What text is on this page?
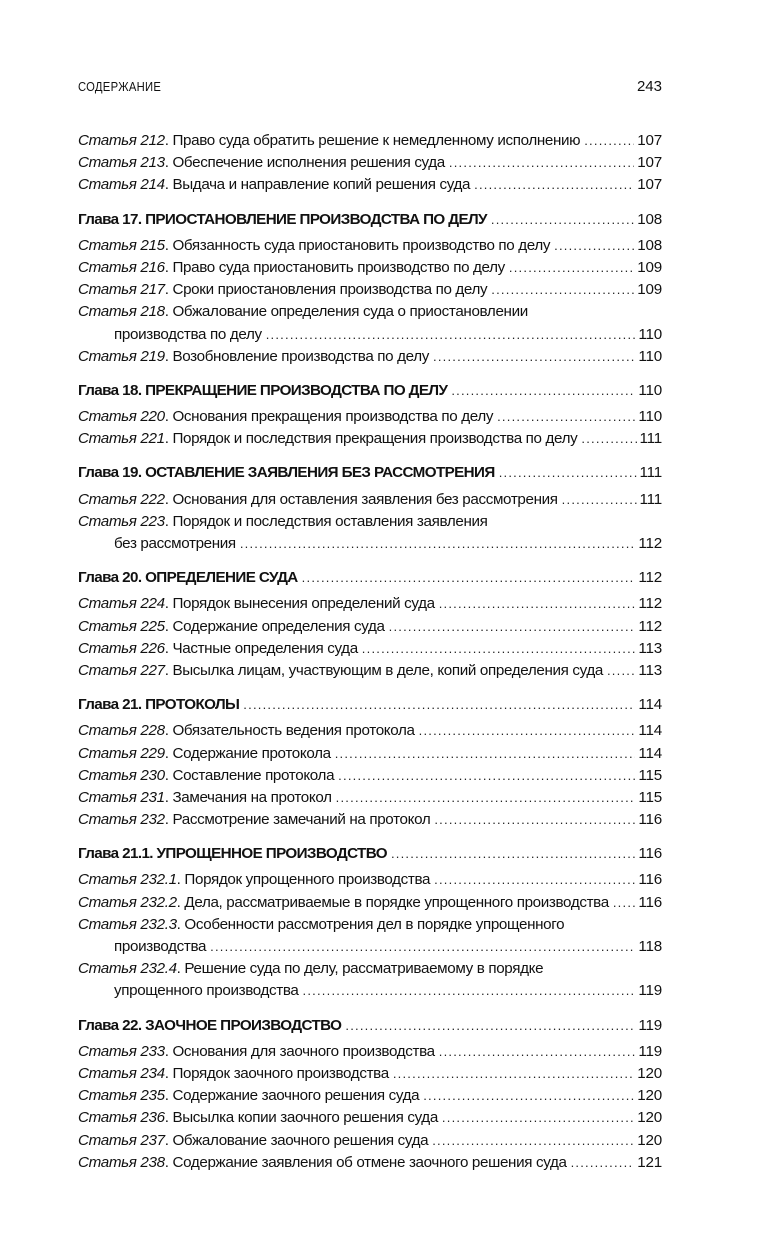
СОДЕРЖАНИЕ	243
Статья 212. Право суда обратить решение к немедленному исполнению . . .	107
Статья 213. Обеспечение исполнения решения суда . . .	107
Статья 214. Выдача и направление копий решения суда . . .	107
Глава 17. ПРИОСТАНОВЛЕНИЕ ПРОИЗВОДСТВА ПО ДЕЛУ . . .	108
Статья 215. Обязанность суда приостановить производство по делу . . .	108
Статья 216. Право суда приостановить производство по делу . . .	109
Статья 217. Сроки приостановления производства по делу . . .	109
Статья 218. Обжалование определения суда о приостановлении
производства по делу . . .	110
Статья 219. Возобновление производства по делу . . .	110
Глава 18. ПРЕКРАЩЕНИЕ ПРОИЗВОДСТВА ПО ДЕЛУ . . .	110
Статья 220. Основания прекращения производства по делу . . .	110
Статья 221. Порядок и последствия прекращения производства по делу . . .	111
Глава 19. ОСТАВЛЕНИЕ ЗАЯВЛЕНИЯ БЕЗ РАССМОТРЕНИЯ . . .	111
Статья 222. Основания для оставления заявления без рассмотрения . . .	111
Статья 223. Порядок и последствия оставления заявления
без рассмотрения . . .	112
Глава 20. ОПРЕДЕЛЕНИЕ СУДА . . .	112
Статья 224. Порядок вынесения определений суда . . .	112
Статья 225. Содержание определения суда . . .	112
Статья 226. Частные определения суда . . .	113
Статья 227. Высылка лицам, участвующим в деле, копий определения суда . . . 113
Глава 21. ПРОТОКОЛЫ . . .	114
Статья 228. Обязательность ведения протокола . . .	114
Статья 229. Содержание протокола . . .	114
Статья 230. Составление протокола . . .	115
Статья 231. Замечания на протокол . . .	115
Статья 232. Рассмотрение замечаний на протокол . . .	116
Глава 21.1. УПРОЩЕННОЕ ПРОИЗВОДСТВО . . .	116
Статья 232.1. Порядок упрощенного производства . . .	116
Статья 232.2. Дела, рассматриваемые в порядке упрощенного производства . . . 116
Статья 232.3. Особенности рассмотрения дел в порядке упрощенного
производства . . .	118
Статья 232.4. Решение суда по делу, рассматриваемому в порядке
упрощенного производства . . .	119
Глава 22. ЗАОЧНОЕ ПРОИЗВОДСТВО . . .	119
Статья 233. Основания для заочного производства . . .	119
Статья 234. Порядок заочного производства . . .	120
Статья 235. Содержание заочного решения суда . . .	120
Статья 236. Высылка копии заочного решения суда . . .	120
Статья 237. Обжалование заочного решения суда . . .	120
Статья 238. Содержание заявления об отмене заочного решения суда . . .	121
